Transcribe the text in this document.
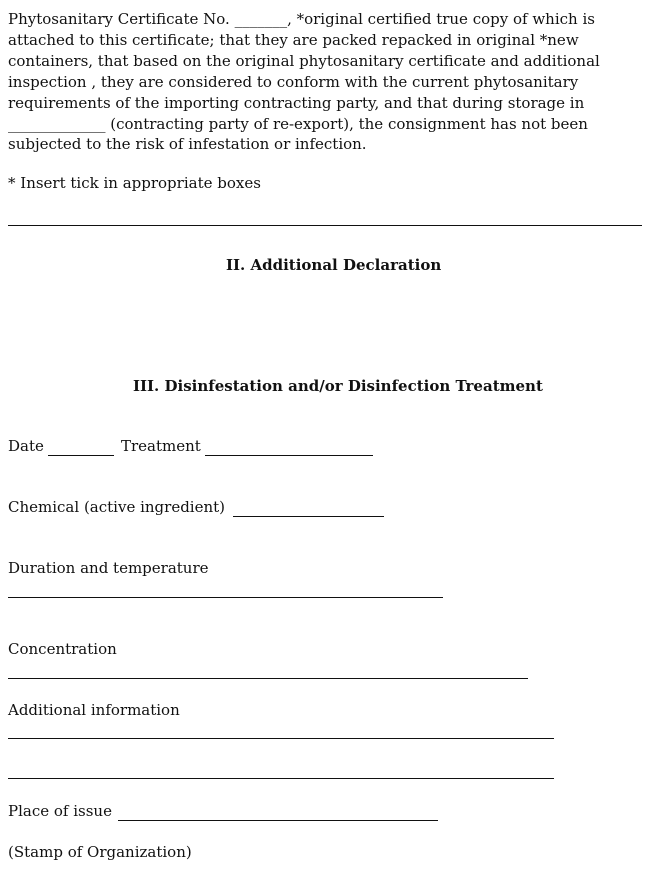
Phytosanitary Certificate No. _______, *original certified true copy of which is
attached to this certificate; that they are packed repacked in original *new
containers, that based on the original phytosanitary certificate and additional
inspection , they are considered to conform with the current phytosanitary
requirements of the importing contracting party, and that during storage in
_____________ (contracting party of re-export), the consignment has not been
subjected to the risk of infestation or infection.
* Insert tick in appropriate boxes
II. Additional Declaration
III. Disinfestation and/or Disinfection Treatment
Date	Treatment
Chemical (active ingredient)
Duration and temperature
Concentration
Additional information
Place of issue
(Stamp of Organization)
